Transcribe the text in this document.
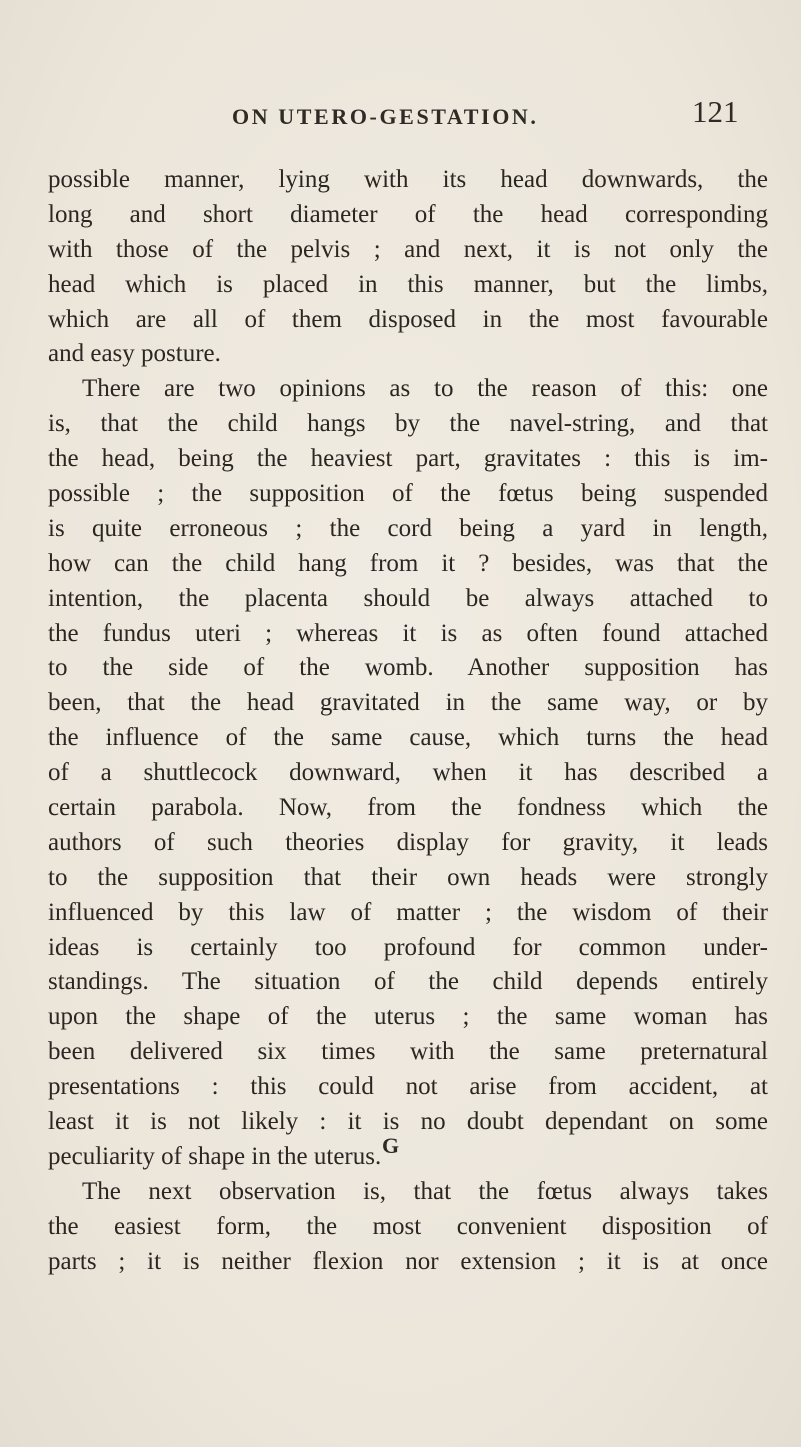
ON UTERO-GESTATION.	121
possible manner, lying with its head downwards, the
long and short diameter of the head corresponding
with those of the pelvis ; and next, it is not only the
head which is placed in this manner, but the limbs,
which are all of them disposed in the most favourable
and easy posture.
There are two opinions as to the reason of this: one
is, that the child hangs by the navel-string, and that
the head, being the heaviest part, gravitates : this is im-
possible ; the supposition of the fœtus being suspended
is quite erroneous ; the cord being a yard in length,
how can the child hang from it ? besides, was that the
intention, the placenta should be always attached to
the fundus uteri ; whereas it is as often found attached
to the side of the womb. Another supposition has
been, that the head gravitated in the same way, or by
the influence of the same cause, which turns the head
of a shuttlecock downward, when it has described a
certain parabola. Now, from the fondness which the
authors of such theories display for gravity, it leads
to the supposition that their own heads were strongly
influenced by this law of matter ; the wisdom of their
ideas is certainly too profound for common under-
standings. The situation of the child depends entirely
upon the shape of the uterus ; the same woman has
been delivered six times with the same preternatural
presentations : this could not arise from accident, at
least it is not likely : it is no doubt dependant on some
peculiarity of shape in the uterus.
The next observation is, that the fœtus always takes
the easiest form, the most convenient disposition of
parts ; it is neither flexion nor extension ; it is at once
G
